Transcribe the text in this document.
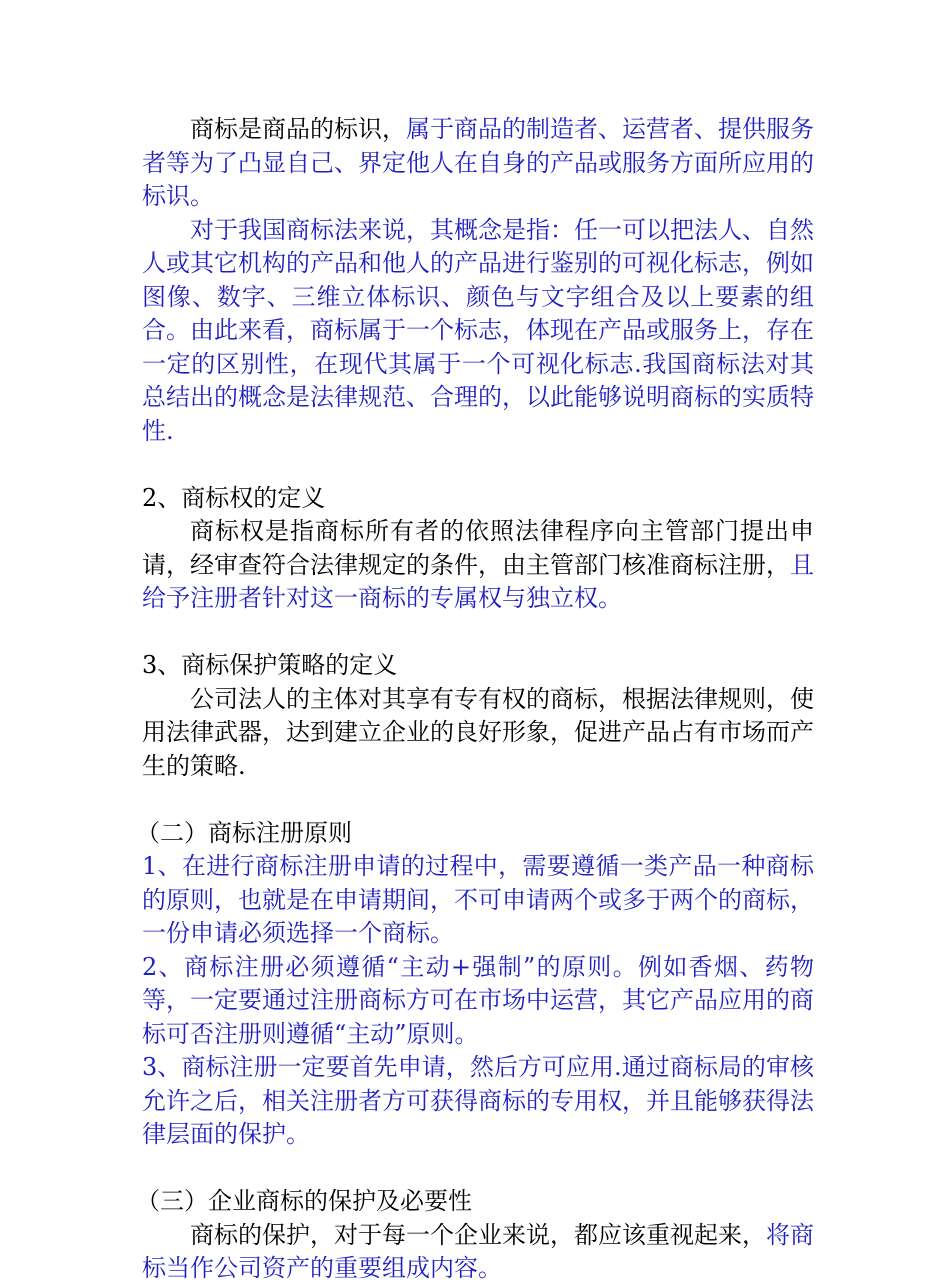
商标是商品的标识，属于商品的制造者、运营者、提供服务者等为了凸显自己、界定他人在自身的产品或服务方面所应用的标识。

对于我国商标法来说，其概念是指：任一可以把法人、自然人或其它机构的产品和他人的产品进行鉴别的可视化标志，例如图像、数字、三维立体标识、颜色与文字组合及以上要素的组合。由此来看，商标属于一个标志，体现在产品或服务上，存在一定的区别性，在现代其属于一个可视化标志.我国商标法对其总结出的概念是法律规范、合理的，以此能够说明商标的实质特性.

2、商标权的定义

商标权是指商标所有者的依照法律程序向主管部门提出申请，经审查符合法律规定的条件，由主管部门核准商标注册，且给予注册者针对这一商标的专属权与独立权。

3、商标保护策略的定义

公司法人的主体对其享有专有权的商标，根据法律规则，使用法律武器，达到建立企业的良好形象，促进产品占有市场而产生的策略.

（二）商标注册原则

1、在进行商标注册申请的过程中，需要遵循一类产品一种商标的原则，也就是在申请期间，不可申请两个或多于两个的商标，一份申请必须选择一个商标。

2、商标注册必须遵循“主动+强制”的原则。例如香烟、药物等，一定要通过注册商标方可在市场中运营，其它产品应用的商标可否注册则遵循“主动”原则。

3、商标注册一定要首先申请，然后方可应用.通过商标局的审核允许之后，相关注册者方可获得商标的专用权，并且能够获得法律层面的保护。

（三）企业商标的保护及必要性

商标的保护，对于每一个企业来说，都应该重视起来，将商标当作公司资产的重要组成内容。
